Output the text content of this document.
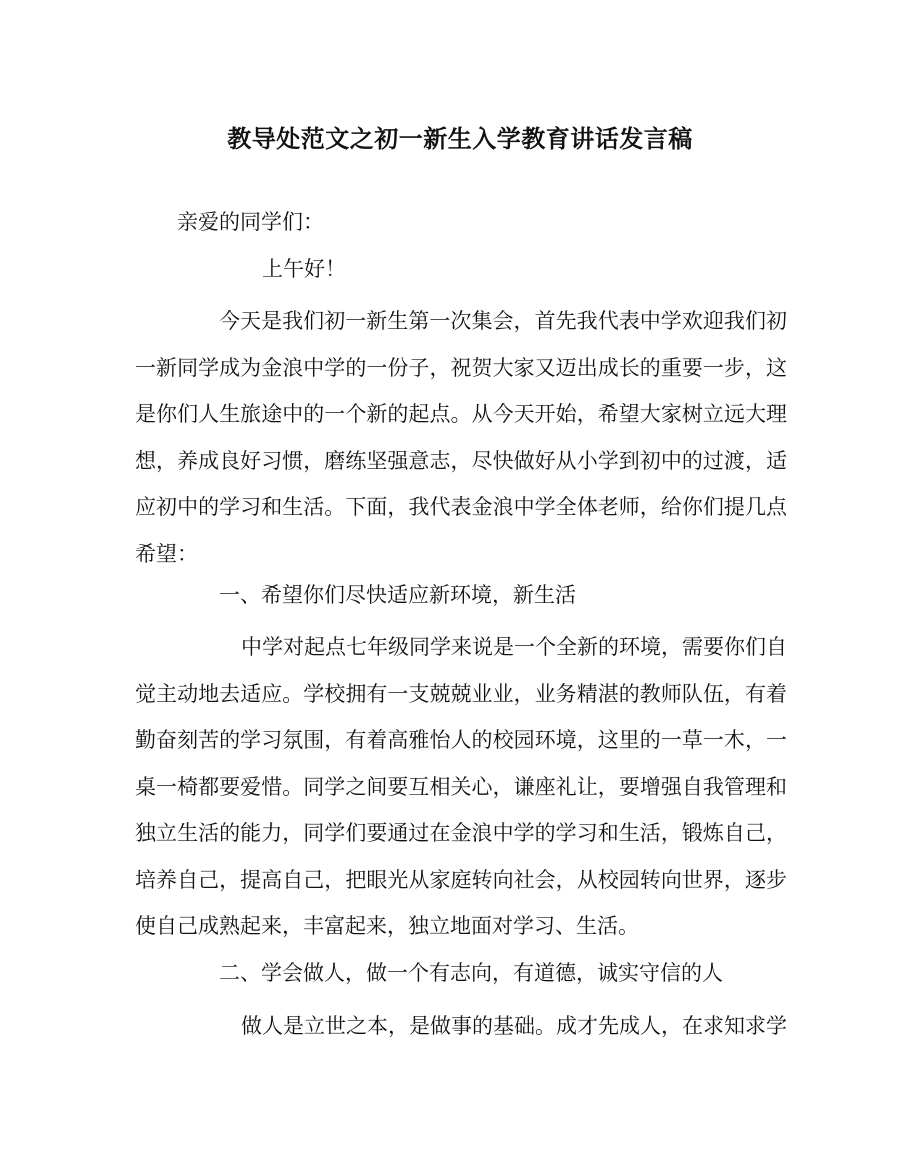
教导处范文之初一新生入学教育讲话发言稿

亲爱的同学们：

上午好！

今天是我们初一新生第一次集会，首先我代表中学欢迎我们初一新同学成为金浪中学的一份子，祝贺大家又迈出成长的重要一步，这是你们人生旅途中的一个新的起点。从今天开始，希望大家树立远大理想，养成良好习惯，磨练坚强意志，尽快做好从小学到初中的过渡，适应初中的学习和生活。下面，我代表金浪中学全体老师，给你们提几点希望：

一、希望你们尽快适应新环境，新生活

中学对起点七年级同学来说是一个全新的环境，需要你们自觉主动地去适应。学校拥有一支兢兢业业，业务精湛的教师队伍，有着勤奋刻苦的学习氛围，有着高雅怡人的校园环境，这里的一草一木，一桌一椅都要爱惜。同学之间要互相关心，谦座礼让，要增强自我管理和独立生活的能力，同学们要通过在金浪中学的学习和生活，锻炼自己，培养自己，提高自己，把眼光从家庭转向社会，从校园转向世界，逐步使自己成熟起来，丰富起来，独立地面对学习、生活。

二、学会做人，做一个有志向，有道德，诚实守信的人

做人是立世之本，是做事的基础。成才先成人，在求知求学
